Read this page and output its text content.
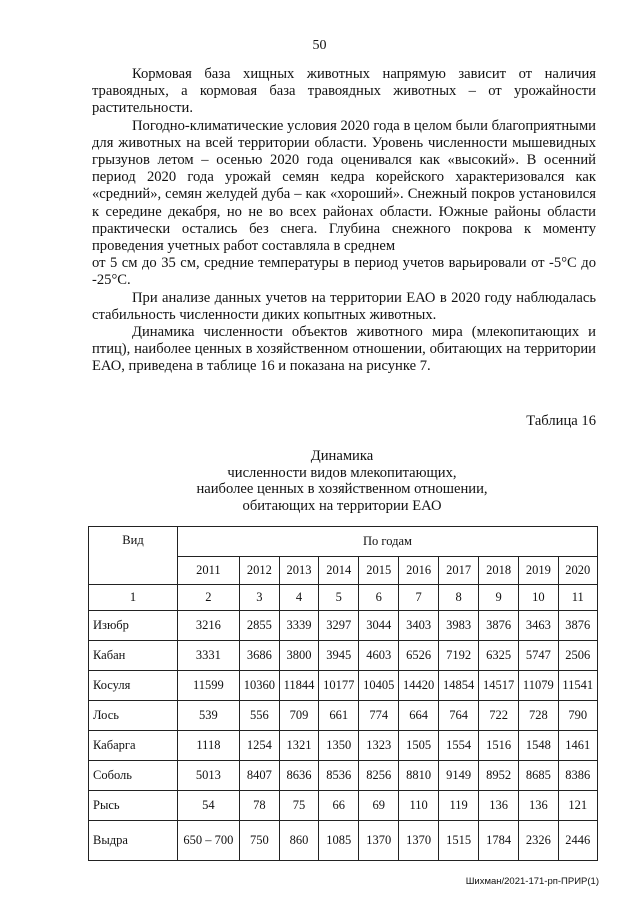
50

Кормовая база хищных животных напрямую зависит от наличия травоядных, а кормовая база травоядных животных – от урожайности растительности.

Погодно-климатические условия 2020 года в целом были благоприятными для животных на всей территории области. Уровень численности мышевидных грызунов летом – осенью 2020 года оценивался как «высокий». В осенний период 2020 года урожай семян кедра корейского характеризовался как «средний», семян желудей дуба – как «хороший». Снежный покров установился к середине декабря, но не во всех районах области. Южные районы области практически остались без снега. Глубина снежного покрова к моменту проведения учетных работ составляла в среднем

от 5 см до 35 см, средние температуры в период учетов варьировали от -5°С до -25°С.

При анализе данных учетов на территории ЕАО в 2020 году наблюдалась стабильность численности диких копытных животных.

Динамика численности объектов животного мира (млекопитающих и птиц), наиболее ценных в хозяйственном отношении, обитающих на территории ЕАО, приведена в таблице 16 и показана на рисунке 7.

Таблица 16
Динамика
численности видов млекопитающих,
наиболее ценных в хозяйственном отношении,
обитающих на территории ЕАО
Вид	По годам									
	2011	2012	2013	2014	2015	2016	2017	2018	2019	2020
1	2	3	4	5	6	7	8	9	10	11
Изюбр	3216	2855	3339	3297	3044	3403	3983	3876	3463	3876
Кабан	3331	3686	3800	3945	4603	6526	7192	6325	5747	2506
Косуля	11599	10360	11844	10177	10405	14420	14854	14517	11079	11541
Лось	539	556	709	661	774	664	764	722	728	790
Кабарга	1118	1254	1321	1350	1323	1505	1554	1516	1548	1461
Соболь	5013	8407	8636	8536	8256	8810	9149	8952	8685	8386
Рысь	54	78	75	66	69	110	119	136	136	121
Выдра	650 – 700	750	860	1085	1370	1370	1515	1784	2326	2446
Шихман/2021-171-рп-ПРИР(1)
